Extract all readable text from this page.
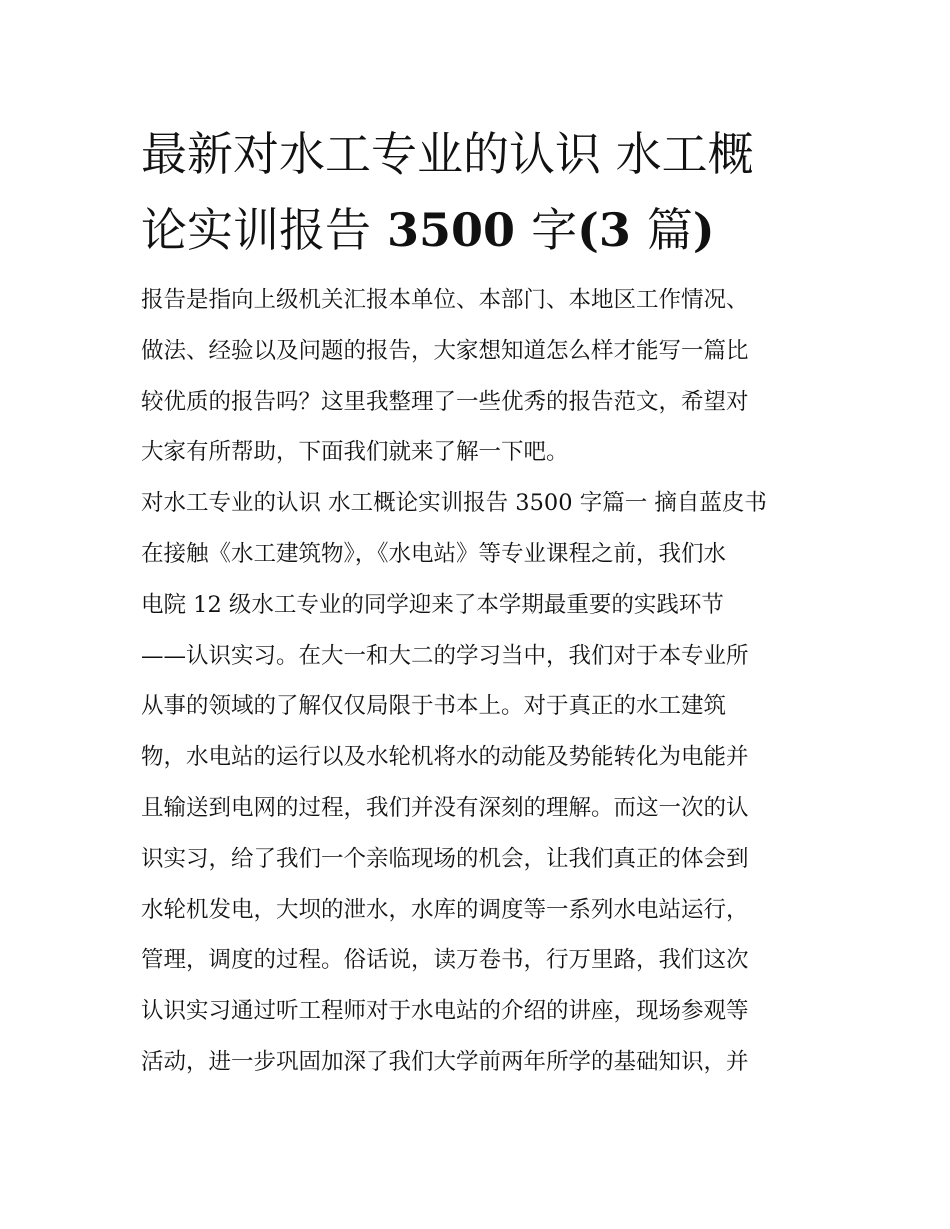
最新对水工专业的认识 水工概
论实训报告 3500 字(3 篇)
报告是指向上级机关汇报本单位、本部门、本地区工作情况、
做法、经验以及问题的报告，大家想知道怎么样才能写一篇比
较优质的报告吗？这里我整理了一些优秀的报告范文，希望对
大家有所帮助，下面我们就来了解一下吧。
对水工专业的认识 水工概论实训报告 3500 字篇一 摘自蓝皮书
在接触《水工建筑物》，《水电站》等专业课程之前，我们水
电院 12 级水工专业的同学迎来了本学期最重要的实践环节
——认识实习。在大一和大二的学习当中，我们对于本专业所
从事的领域的了解仅仅局限于书本上。对于真正的水工建筑
物，水电站的运行以及水轮机将水的动能及势能转化为电能并
且输送到电网的过程，我们并没有深刻的理解。而这一次的认
识实习，给了我们一个亲临现场的机会，让我们真正的体会到
水轮机发电，大坝的泄水，水库的调度等一系列水电站运行，
管理，调度的过程。俗话说，读万卷书，行万里路，我们这次
认识实习通过听工程师对于水电站的介绍的讲座，现场参观等
活动，进一步巩固加深了我们大学前两年所学的基础知识，并
